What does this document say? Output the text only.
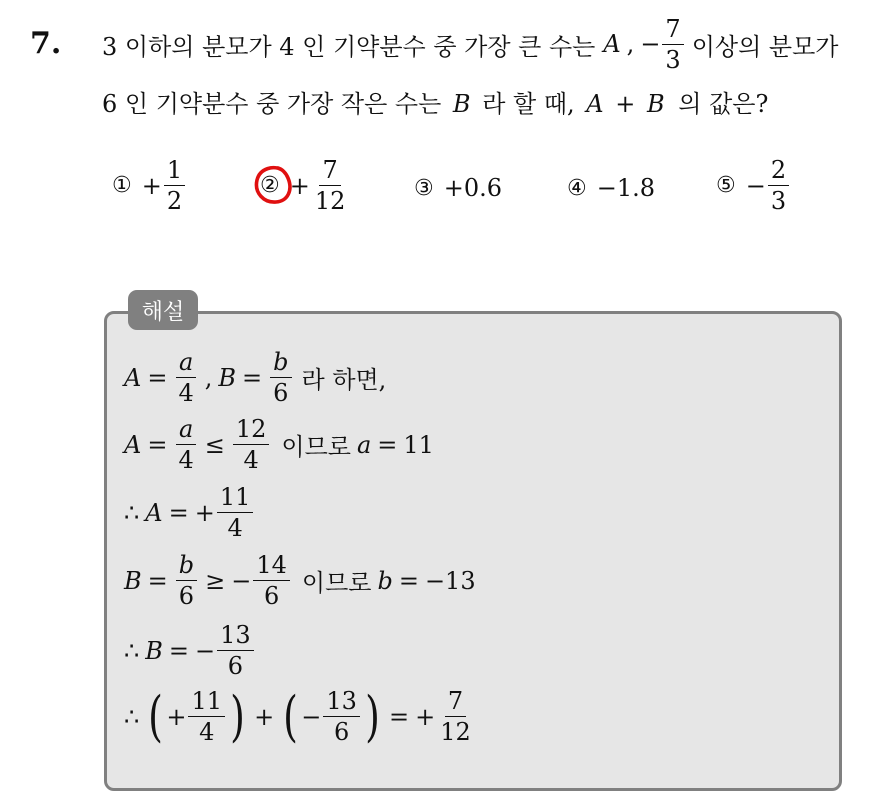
7. 3 이하의 분모가 4 인 기약분수 중 가장 큰 수는 A , − $\frac{7}{3}$ 이상의 분모가
6 인 기약분수 중 가장 작은 수는 B 라 할 때, A + B 의 값은?
① + $\frac{1}{2}$	② + $\frac{7}{12}$	③ +0.6	④ −1.8	⑤ − $\frac{2}{3}$
해설
$A = \frac{a}{4}$ , $B = \frac{b}{6}$ 라 하면,
$A = \frac{a}{4} \le \frac{12}{4}$ 이므로 a = 11
∴ A = + $\frac{11}{4}$
$B = \frac{b}{6}$ ≥ − $\frac{14}{6}$ 이므로 b = −13
∴ B = − $\frac{13}{6}$
∴ ( + $\frac{11}{4}$ ) + ( − $\frac{13}{6}$ ) = + $\frac{7}{12}$
